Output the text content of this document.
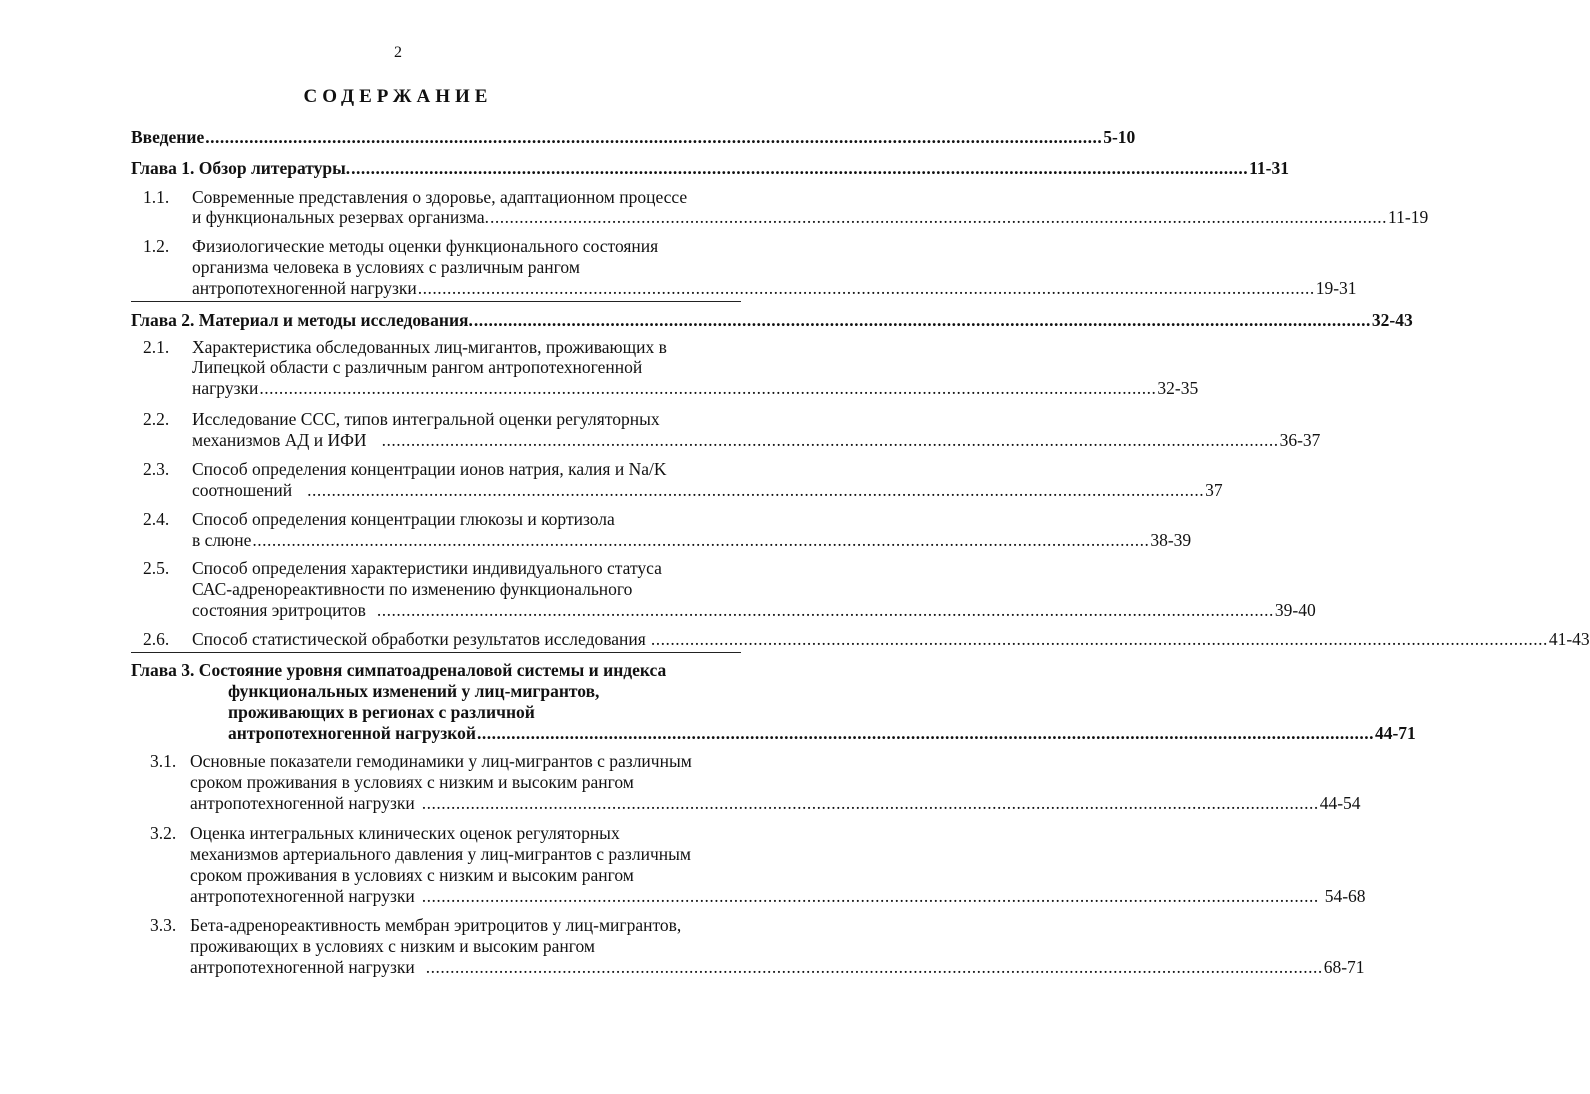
2
СОДЕРЖАНИЕ
Введение ........................................................................................................................................................................................ 5-10
Глава 1. Обзор литературы. ........................................................................................................................................................................................ 11-31
1.1. Современные представления о здоровье, адаптационном процессе
и функциональных резервах организма. ........................................................................................................................................................................................ 11-19
1.2. Физиологические методы оценки функционального состояния
организма человека в условиях с различным рангом
антропотехногенной нагрузки ........................................................................................................................................................................................ 19-31
Глава 2. Материал и методы исследования. ........................................................................................................................................................................................ 32-43
2.1. Характеристика обследованных лиц-мигантов, проживающих в
Липецкой области с различным рангом антропотехногенной
нагрузки ........................................................................................................................................................................................ 32-35
2.2. Исследование ССС, типов интегральной оценки регуляторных
механизмов АД и ИФИ ........................................................................................................................................................................................ 36-37
2.3. Способ определения концентрации ионов натрия, калия и Na/K
соотношений ........................................................................................................................................................................................ 37
2.4. Способ определения концентрации глюкозы и кортизола
в слюне ........................................................................................................................................................................................ 38-39
2.5. Способ определения характеристики индивидуального статуса
САС-адренореактивности по изменению функционального
состояния эритроцитов ........................................................................................................................................................................................ 39-40
2.6. Способ статистической обработки результатов исследования ........................................................................................................................................................................................ 41-43
Глава 3. Состояние уровня симпатоадреналовой системы и индекса
функциональных изменений у лиц-мигрантов,
проживающих в регионах с различной
антропотехногенной нагрузкой ........................................................................................................................................................................................ 44-71
3.1. Основные показатели гемодинамики у лиц-мигрантов с различным
сроком проживания в условиях с низким и высоким рангом
антропотехногенной нагрузки ........................................................................................................................................................................................ 44-54
3.2. Оценка интегральных клинических оценок регуляторных
механизмов артериального давления у лиц-мигрантов с различным
сроком проживания в условиях с низким и высоким рангом
антропотехногенной нагрузки ........................................................................................................................................................................................ 54-68
3.3. Бета-адренореактивность мембран эритроцитов у лиц-мигрантов,
проживающих в условиях с низким и высоким рангом
антропотехногенной нагрузки ........................................................................................................................................................................................ 68-71
